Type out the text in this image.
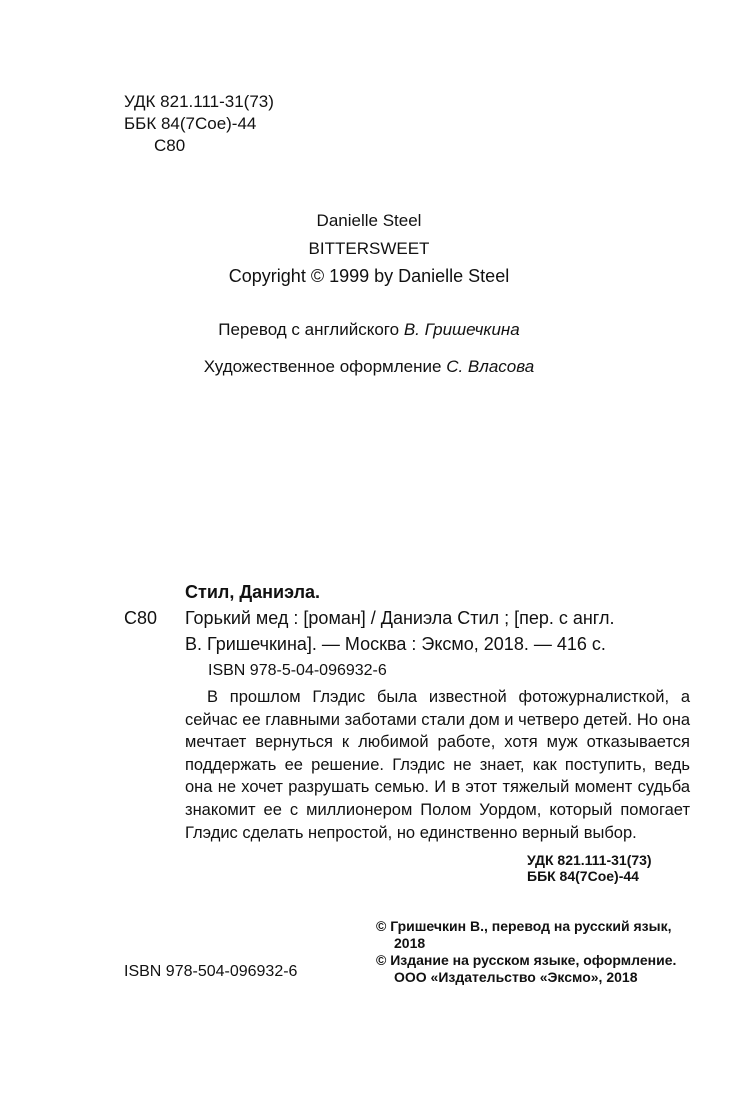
УДК 821.111-31(73)
ББК 84(7Сое)-44
С80
Danielle Steel
BITTERSWEET
Copyright © 1999 by Danielle Steel
Перевод с английского В. Гришечкина
Художественное оформление С. Власова
Стил, Даниэла.
С80 Горький мед : [роман] / Даниэла Стил ; [пер. с англ.
В. Гришечкина]. — Москва : Эксмо, 2018. — 416 с.
ISBN 978-5-04-096932-6
В прошлом Глэдис была известной фотожурналисткой, а сейчас ее главными заботами стали дом и четверо детей. Но она мечтает вернуться к любимой работе, хотя муж отказывается поддержать ее решение. Глэдис не знает, как поступить, ведь она не хочет разрушать семью. И в этот тяжелый момент судьба знакомит ее с миллионером Полом Уордом, который помогает Глэдис сделать непростой, но единственно верный выбор.
УДК 821.111-31(73)
ББК 84(7Сое)-44
ISBN 978-504-096932-6
© Гришечкин В., перевод на русский язык,
2018
© Издание на русском языке, оформление.
ООО «Издательство «Эксмо», 2018
